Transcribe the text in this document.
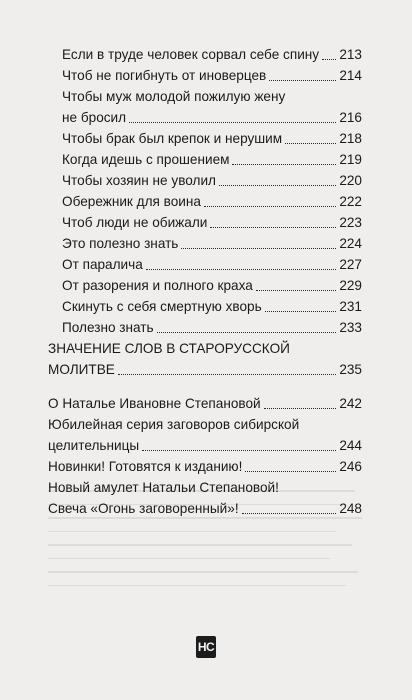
Если в труде человек сорвал себе спину 213
Чтоб не погибнуть от иноверцев	214
Чтобы муж молодой пожилую жену
не бросил	216
Чтобы брак был крепок и нерушим	218
Когда идешь с прошением	219
Чтобы хозяин не уволил	220
Обережник для воина	222
Чтоб люди не обижали	223
Это полезно знать	224
От паралича	227
От разорения и полного краха	229
Скинуть с себя смертную хворь	231
Полезно знать	233
ЗНАЧЕНИЕ СЛОВ В СТАРОРУССКОЙ
МОЛИТВЕ	235
О Наталье Ивановне Степановой	242
Юбилейная серия заговоров сибирской
целительницы	244
Новинки! Готовятся к изданию!	246
Новый амулет Натальи Степановой!
Свеча «Огонь заговоренный»!	248
НС
